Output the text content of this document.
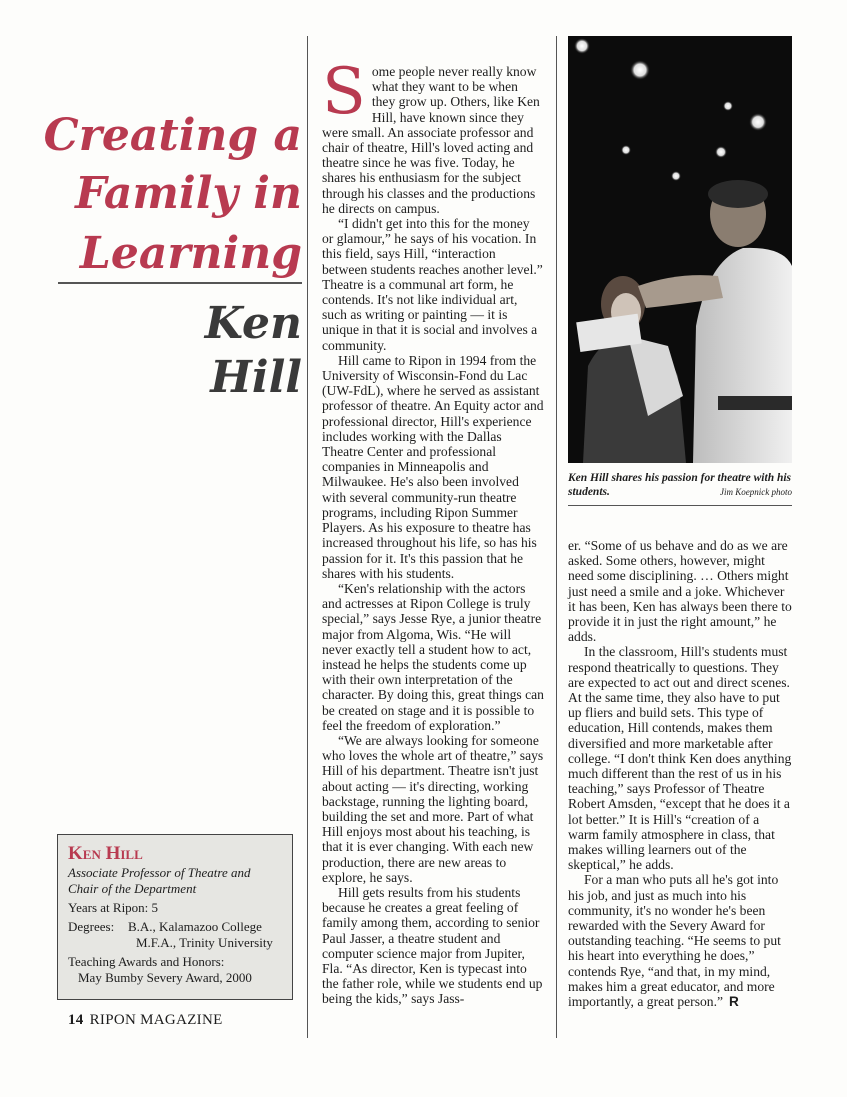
Creating a
Family in
Learning
Ken
Hill

Some people never really know what they want to be when they grow up. Others, like Ken Hill, have known since they were small. An associate professor and chair of theatre, Hill's loved acting and theatre since he was five. Today, he shares his enthusiasm for the subject through his classes and the productions he directs on campus.

“I didn't get into this for the money or glamour,” he says of his vocation. In this field, says Hill, “interaction between students reaches another level.” Theatre is a communal art form, he contends. It's not like individual art, such as writing or painting — it is unique in that it is social and involves a community.

Hill came to Ripon in 1994 from the University of Wisconsin-Fond du Lac (UW-FdL), where he served as assistant professor of theatre. An Equity actor and professional director, Hill's experience includes working with the Dallas Theatre Center and professional companies in Minneapolis and Milwaukee. He's also been involved with several community-run theatre programs, including Ripon Summer Players. As his exposure to theatre has increased throughout his life, so has his passion for it. It's this passion that he shares with his students.

“Ken's relationship with the actors and actresses at Ripon College is truly special,” says Jesse Rye, a junior theatre major from Algoma, Wis. “He will never exactly tell a student how to act, instead he helps the students come up with their own interpretation of the character. By doing this, great things can be created on stage and it is possible to feel the freedom of exploration.”

“We are always looking for someone who loves the whole art of theatre,” says Hill of his department. Theatre isn't just about acting — it's directing, working backstage, running the lighting board, building the set and more. Part of what Hill enjoys most about his teaching, is that it is ever changing. With each new production, there are new areas to explore, he says.

Hill gets results from his students because he creates a great feeling of family among them, according to senior Paul Jasser, a theatre student and computer science major from Jupiter, Fla. “As director, Ken is typecast into the father role, while we students end up being the kids,” says Jass-

Ken Hill shares his passion for theatre with his students.	Jim Koepnick photo

er. “Some of us behave and do as we are asked. Some others, however, might need some disciplining. … Others might just need a smile and a joke. Whichever it has been, Ken has always been there to provide it in just the right amount,” he adds.

In the classroom, Hill's students must respond theatrically to questions. They are expected to act out and direct scenes. At the same time, they also have to put up fliers and build sets. This type of education, Hill contends, makes them diversified and more marketable after college. “I don't think Ken does anything much different than the rest of us in his teaching,” says Professor of Theatre Robert Amsden, “except that he does it a lot better.” It is Hill's “creation of a warm family atmosphere in class, that makes willing learners out of the skeptical,” he adds.

For a man who puts all he's got into his job, and just as much into his community, it's no wonder he's been rewarded with the Severy Award for outstanding teaching. “He seems to put his heart into everything he does,” contends Rye, “and that, in my mind, makes him a great educator, and more importantly, a great person.” R

Ken Hill
Associate Professor of Theatre and Chair of the Department
Years at Ripon: 5
Degrees:	B.A., Kalamazoo College
M.F.A., Trinity University
Teaching Awards and Honors:
May Bumby Severy Award, 2000
14 RIPON MAGAZINE
